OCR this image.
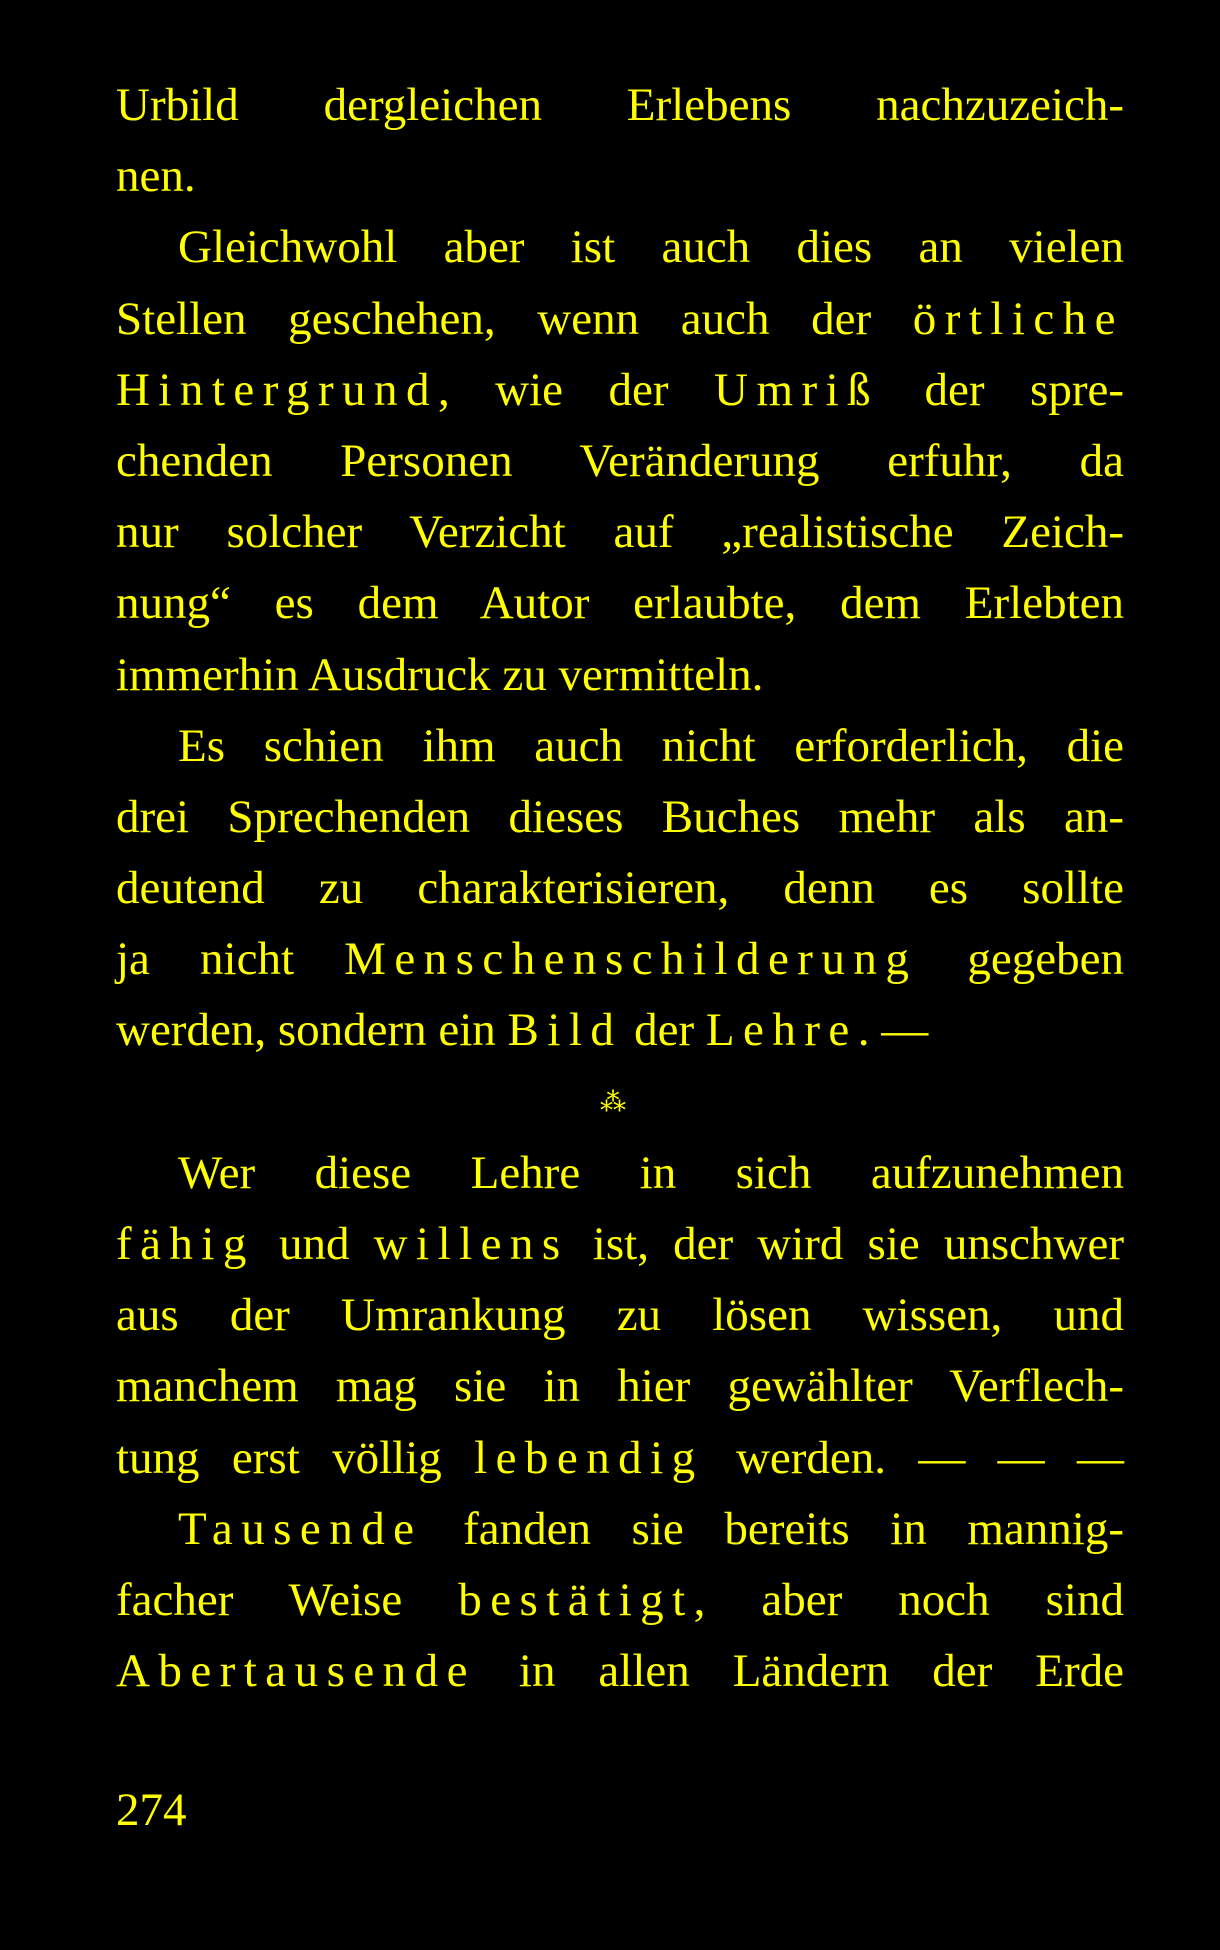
Urbild dergleichen Erlebens nachzuzeich-
nen.
Gleichwohl aber ist auch dies an vielen
Stellen geschehen, wenn auch der örtliche
Hintergrund, wie der Umriß der spre-
chenden Personen Veränderung erfuhr, da
nur solcher Verzicht auf „realistische Zeich-
nung“ es dem Autor erlaubte, dem Erlebten
immerhin Ausdruck zu vermitteln.
Es schien ihm auch nicht erforderlich, die
drei Sprechenden dieses Buches mehr als an-
deutend zu charakterisieren, denn es sollte
ja nicht Menschenschilderung gegeben
werden, sondern ein Bild der Lehre. —
⁂
Wer diese Lehre in sich aufzunehmen
fähig und willens ist, der wird sie unschwer
aus der Umrankung zu lösen wissen, und
manchem mag sie in hier gewählter Verflech-
tung erst völlig lebendig werden. — — —
Tausende fanden sie bereits in mannig-
facher Weise bestätigt, aber noch sind
Abertausende in allen Ländern der Erde
274
